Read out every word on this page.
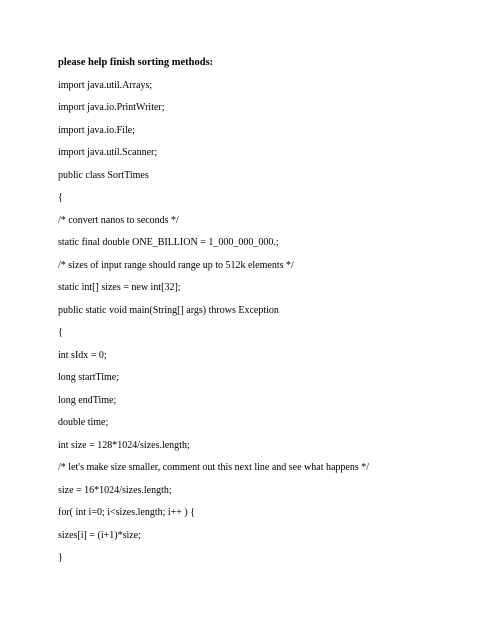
please help finish sorting methods:
import java.util.Arrays;
import java.io.PrintWriter;
import java.io.File;
import java.util.Scanner;
public class SortTimes
{
/* convert nanos to seconds */
static final double ONE_BILLION = 1_000_000_000.;
/* sizes of input range should range up to 512k elements */
static int[] sizes = new int[32];
public static void main(String[] args) throws Exception
{
int sIdx = 0;
long startTime;
long endTime;
double time;
int size = 128*1024/sizes.length;
/* let's make size smaller, comment out this next line and see what happens */
size = 16*1024/sizes.length;
for( int i=0; i<sizes.length; i++ ) {
sizes[i] = (i+1)*size;
}
